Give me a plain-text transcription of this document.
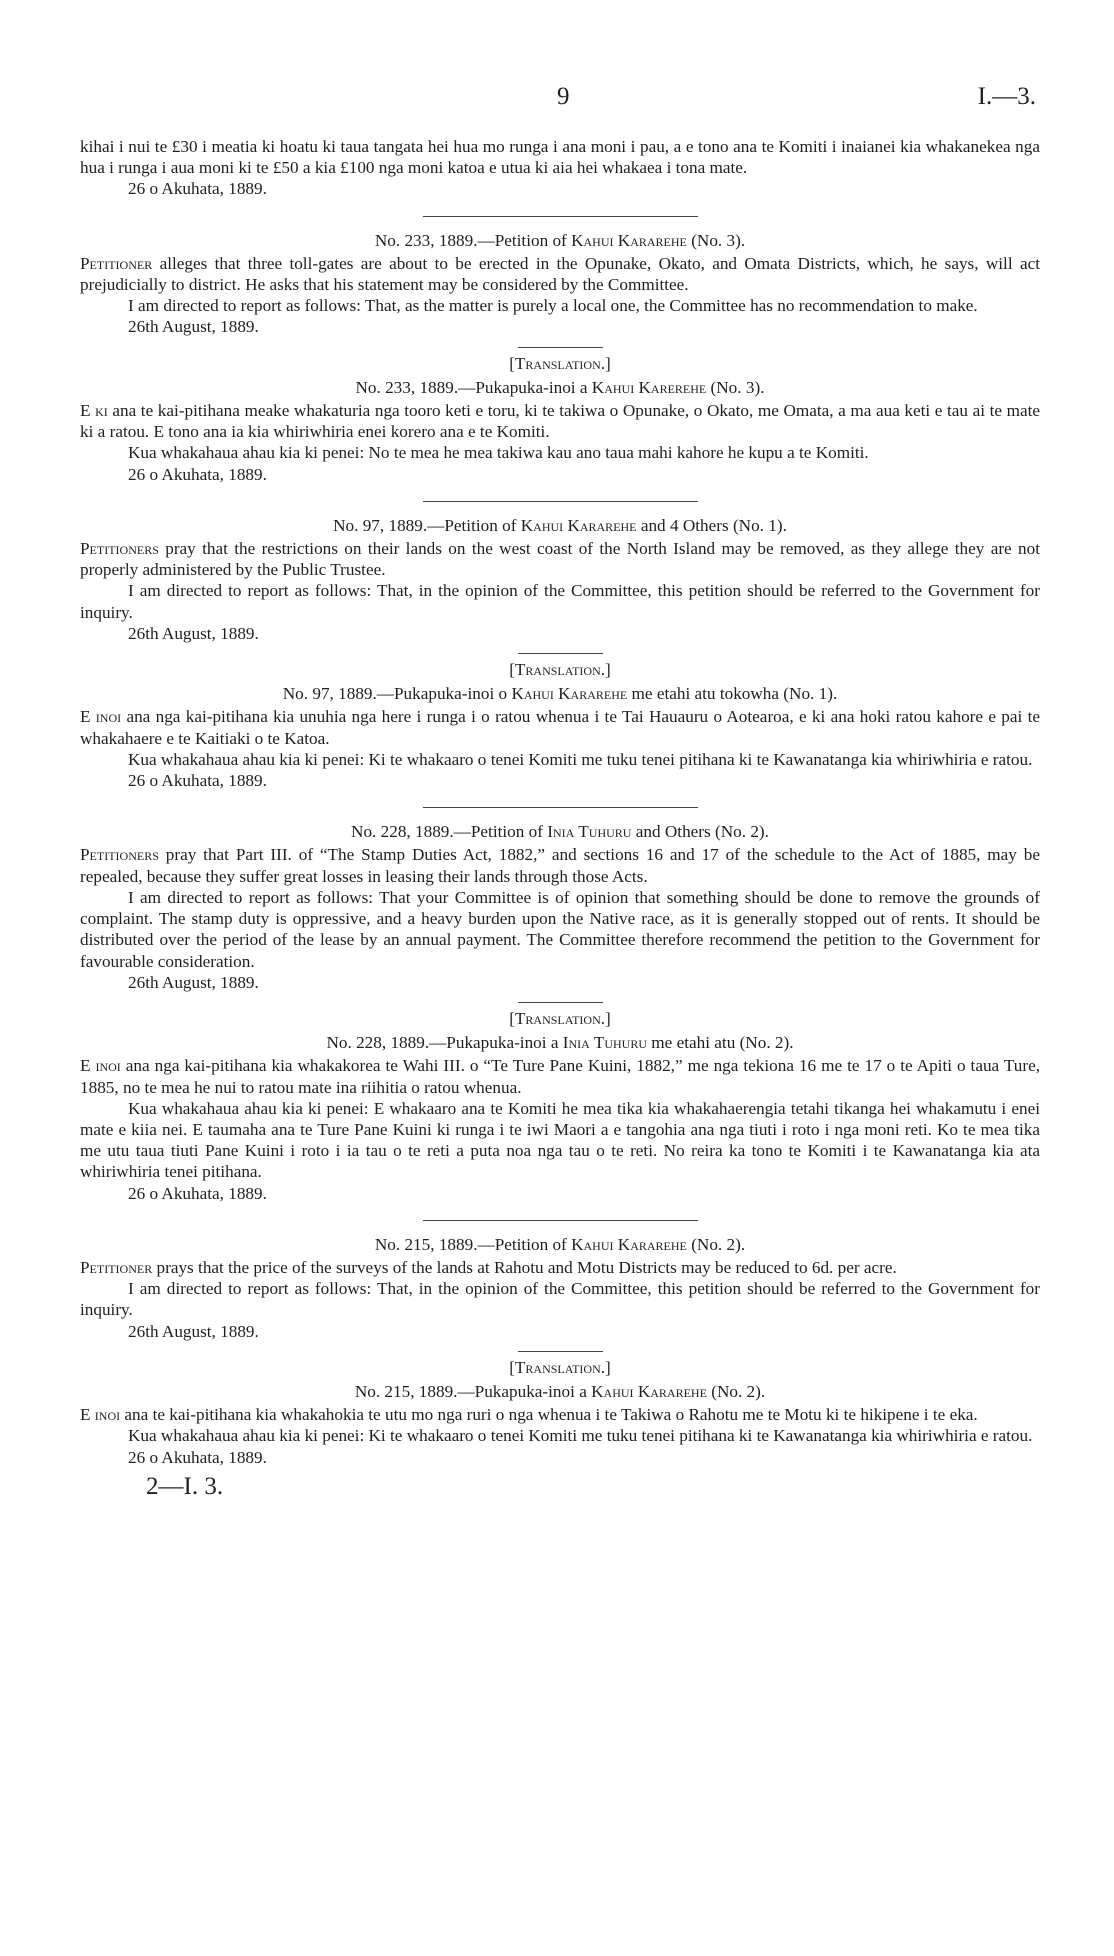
9	I.—3.

kihai i nui te £30 i meatia ki hoatu ki taua tangata hei hua mo runga i ana moni i pau, a e tono ana te Komiti i inaianei kia whakanekea nga hua i runga i aua moni ki te £50 a kia £100 nga moni katoa e utua ki aia hei whakaea i tona mate.

26 o Akuhata, 1889.

No. 233, 1889.—Petition of Kahui Kararehe (No. 3).

Petitioner alleges that three toll-gates are about to be erected in the Opunake, Okato, and Omata Districts, which, he says, will act prejudicially to district. He asks that his statement may be considered by the Committee.

I am directed to report as follows: That, as the matter is purely a local one, the Committee has no recommendation to make.

26th August, 1889.

[Translation.]

No. 233, 1889.—Pukapuka-inoi a Kahui Karerehe (No. 3).

E ki ana te kai-pitihana meake whakaturia nga tooro keti e toru, ki te takiwa o Opunake, o Okato, me Omata, a ma aua keti e tau ai te mate ki a ratou. E tono ana ia kia whiriwhiria enei korero ana e te Komiti.

Kua whakahaua ahau kia ki penei: No te mea he mea takiwa kau ano taua mahi kahore he kupu a te Komiti.

26 o Akuhata, 1889.

No. 97, 1889.—Petition of Kahui Kararehe and 4 Others (No. 1).

Petitioners pray that the restrictions on their lands on the west coast of the North Island may be removed, as they allege they are not properly administered by the Public Trustee.

I am directed to report as follows: That, in the opinion of the Committee, this petition should be referred to the Government for inquiry.

26th August, 1889.

[Translation.]

No. 97, 1889.—Pukapuka-inoi o Kahui Kararehe me etahi atu tokowha (No. 1).

E inoi ana nga kai-pitihana kia unuhia nga here i runga i o ratou whenua i te Tai Hauauru o Aotearoa, e ki ana hoki ratou kahore e pai te whakahaere e te Kaitiaki o te Katoa.

Kua whakahaua ahau kia ki penei: Ki te whakaaro o tenei Komiti me tuku tenei pitihana ki te Kawanatanga kia whiriwhiria e ratou.

26 o Akuhata, 1889.

No. 228, 1889.—Petition of Inia Tuhuru and Others (No. 2).

Petitioners pray that Part III. of “The Stamp Duties Act, 1882,” and sections 16 and 17 of the schedule to the Act of 1885, may be repealed, because they suffer great losses in leasing their lands through those Acts.

I am directed to report as follows: That your Committee is of opinion that something should be done to remove the grounds of complaint. The stamp duty is oppressive, and a heavy burden upon the Native race, as it is generally stopped out of rents. It should be distributed over the period of the lease by an annual payment. The Committee therefore recommend the petition to the Government for favourable consideration.

26th August, 1889.

[Translation.]

No. 228, 1889.—Pukapuka-inoi a Inia Tuhuru me etahi atu (No. 2).

E inoi ana nga kai-pitihana kia whakakorea te Wahi III. o “Te Ture Pane Kuini, 1882,” me nga tekiona 16 me te 17 o te Apiti o taua Ture, 1885, no te mea he nui to ratou mate ina riihitia o ratou whenua.

Kua whakahaua ahau kia ki penei: E whakaaro ana te Komiti he mea tika kia whakahaerengia tetahi tikanga hei whakamutu i enei mate e kiia nei. E taumaha ana te Ture Pane Kuini ki runga i te iwi Maori a e tangohia ana nga tiuti i roto i nga moni reti. Ko te mea tika me utu taua tiuti Pane Kuini i roto i ia tau o te reti a puta noa nga tau o te reti. No reira ka tono te Komiti i te Kawanatanga kia ata whiriwhiria tenei pitihana.

26 o Akuhata, 1889.

No. 215, 1889.—Petition of Kahui Kararehe (No. 2).

Petitioner prays that the price of the surveys of the lands at Rahotu and Motu Districts may be reduced to 6d. per acre.

I am directed to report as follows: That, in the opinion of the Committee, this petition should be referred to the Government for inquiry.

26th August, 1889.

[Translation.]

No. 215, 1889.—Pukapuka-inoi a Kahui Kararehe (No. 2).

E inoi ana te kai-pitihana kia whakahokia te utu mo nga ruri o nga whenua i te Takiwa o Rahotu me te Motu ki te hikipene i te eka.

Kua whakahaua ahau kia ki penei: Ki te whakaaro o tenei Komiti me tuku tenei pitihana ki te Kawanatanga kia whiriwhiria e ratou.

26 o Akuhata, 1889.

2—I. 3.
